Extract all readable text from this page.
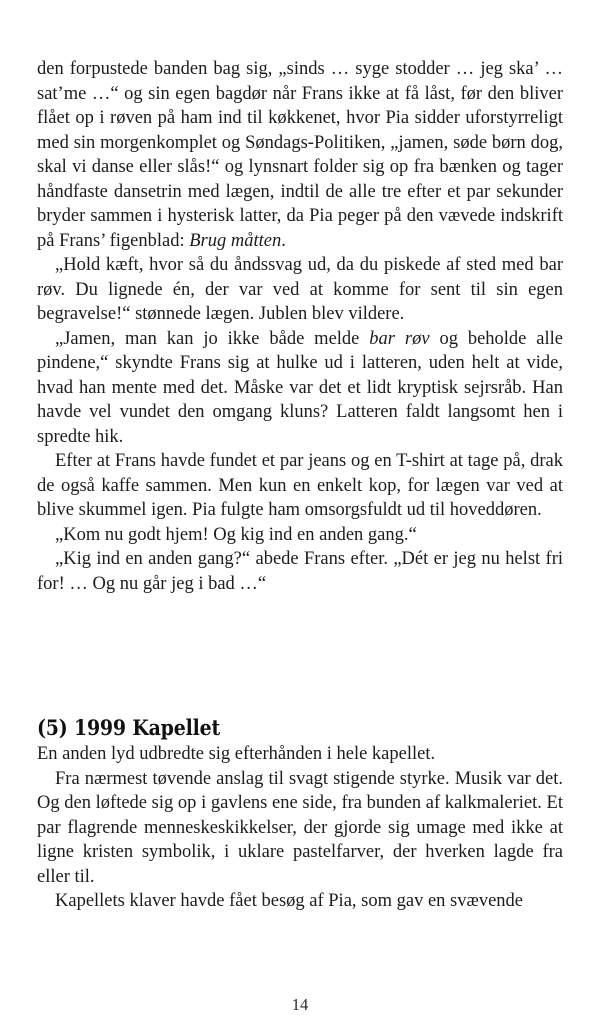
den forpustede banden bag sig, „sinds … syge stodder … jeg ska’ … sat’me …“ og sin egen bagdør når Frans ikke at få låst, før den bliver flået op i røven på ham ind til køkkenet, hvor Pia sidder uforstyrreligt med sin morgenkomplet og Søndags-Politiken, „jamen, søde børn dog, skal vi danse eller slås!“ og lynsnart folder sig op fra bænken og tager håndfaste dansetrin med lægen, indtil de alle tre efter et par sekunder bryder sammen i hysterisk latter, da Pia peger på den vævede indskrift på Frans’ figenblad: Brug måtten.

„Hold kæft, hvor så du åndssvag ud, da du piskede af sted med bar røv. Du lignede én, der var ved at komme for sent til sin egen begravelse!“ stønnede lægen. Jublen blev vildere.

„Jamen, man kan jo ikke både melde bar røv og beholde alle pindene,“ skyndte Frans sig at hulke ud i latteren, uden helt at vide, hvad han mente med det. Måske var det et lidt kryptisk sejrsråb. Han havde vel vundet den omgang kluns? Latteren faldt langsomt hen i spredte hik.

Efter at Frans havde fundet et par jeans og en T-shirt at tage på, drak de også kaffe sammen. Men kun en enkelt kop, for lægen var ved at blive skummel igen. Pia fulgte ham omsorgsfuldt ud til hoveddøren.

„Kom nu godt hjem! Og kig ind en anden gang.“

„Kig ind en anden gang?“ abede Frans efter. „Dét er jeg nu helst fri for! … Og nu går jeg i bad …“

(5) 1999 Kapellet

En anden lyd udbredte sig efterhånden i hele kapellet.

Fra nærmest tøvende anslag til svagt stigende styrke. Musik var det. Og den løftede sig op i gavlens ene side, fra bunden af kalkmaleriet. Et par flagrende menneskeskikkelser, der gjorde sig umage med ikke at ligne kristen symbolik, i uklare pastelfarver, der hverken lagde fra eller til.

Kapellets klaver havde fået besøg af Pia, som gav en svævende

14
